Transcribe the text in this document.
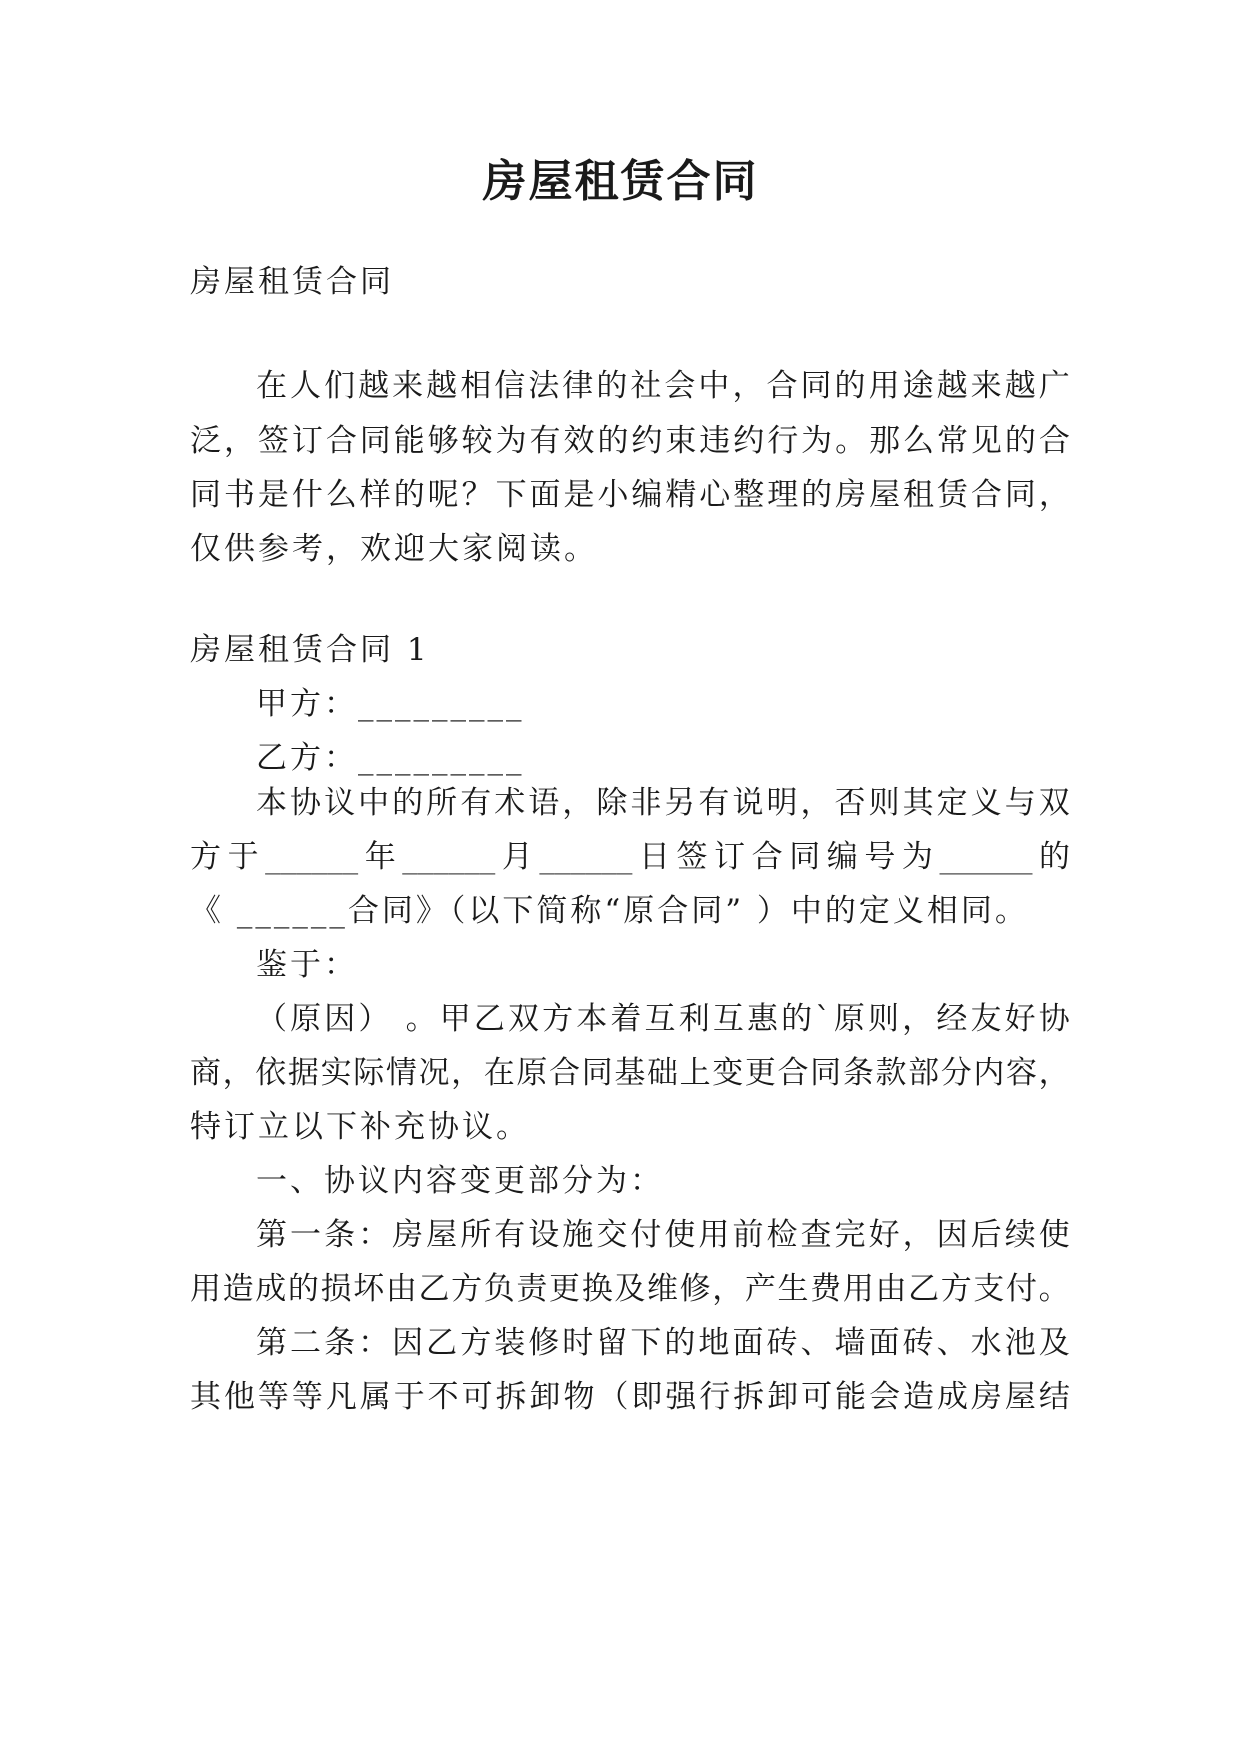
房屋租赁合同
房屋租赁合同
在 人 们 越 来 越 相 信 法 律 的 社 会 中 ， 合 同 的 用 途 越 来 越 广
泛 ， 签 订 合 同 能 够 较 为 有 效 的 约 束 违 约 行 为 。 那 么 常 见 的 合
同 书 是 什 么 样 的 呢 ？ 下 面 是 小 编 精 心 整 理 的 房 屋 租 赁 合 同 ，
仅供参考，欢迎大家阅读。
房屋租赁合同 1
甲方：_________
乙方：_________
本 协 议 中 的 所 有 术 语 ， 除 非 另 有 说 明 ， 否 则 其 定 义 与 双
方 于 ______ 年 ______ 月 ______ 日 签 订 合 同 编 号 为 ______ 的
《 ______合同》（以下简称“原合同” ）中的定义相同。
鉴于：
（ 原 因 ）
。 甲 乙 双 方 本 着 互 利 互 惠 的 ` 原 则 ， 经 友 好 协
商 ， 依 据 实 际 情 况 ， 在 原 合 同 基 础 上 变 更 合 同 条 款 部 分 内 容 ，
特订立以下补充协议。
一、协议内容变更部分为：
第 一 条 ： 房 屋 所 有 设 施 交 付 使 用 前 检 查 完 好 ， 因 后 续 使
用 造 成 的 损 坏 由 乙 方 负 责 更 换 及 维 修 ， 产 生 费 用 由 乙 方 支 付 。
第 二 条 ： 因 乙 方 装 修 时 留 下 的 地 面 砖 、 墙 面 砖 、 水 池 及
其 他 等 等 凡 属 于 不 可 拆 卸 物 （ 即 强 行 拆 卸 可 能 会 造 成 房 屋 结
